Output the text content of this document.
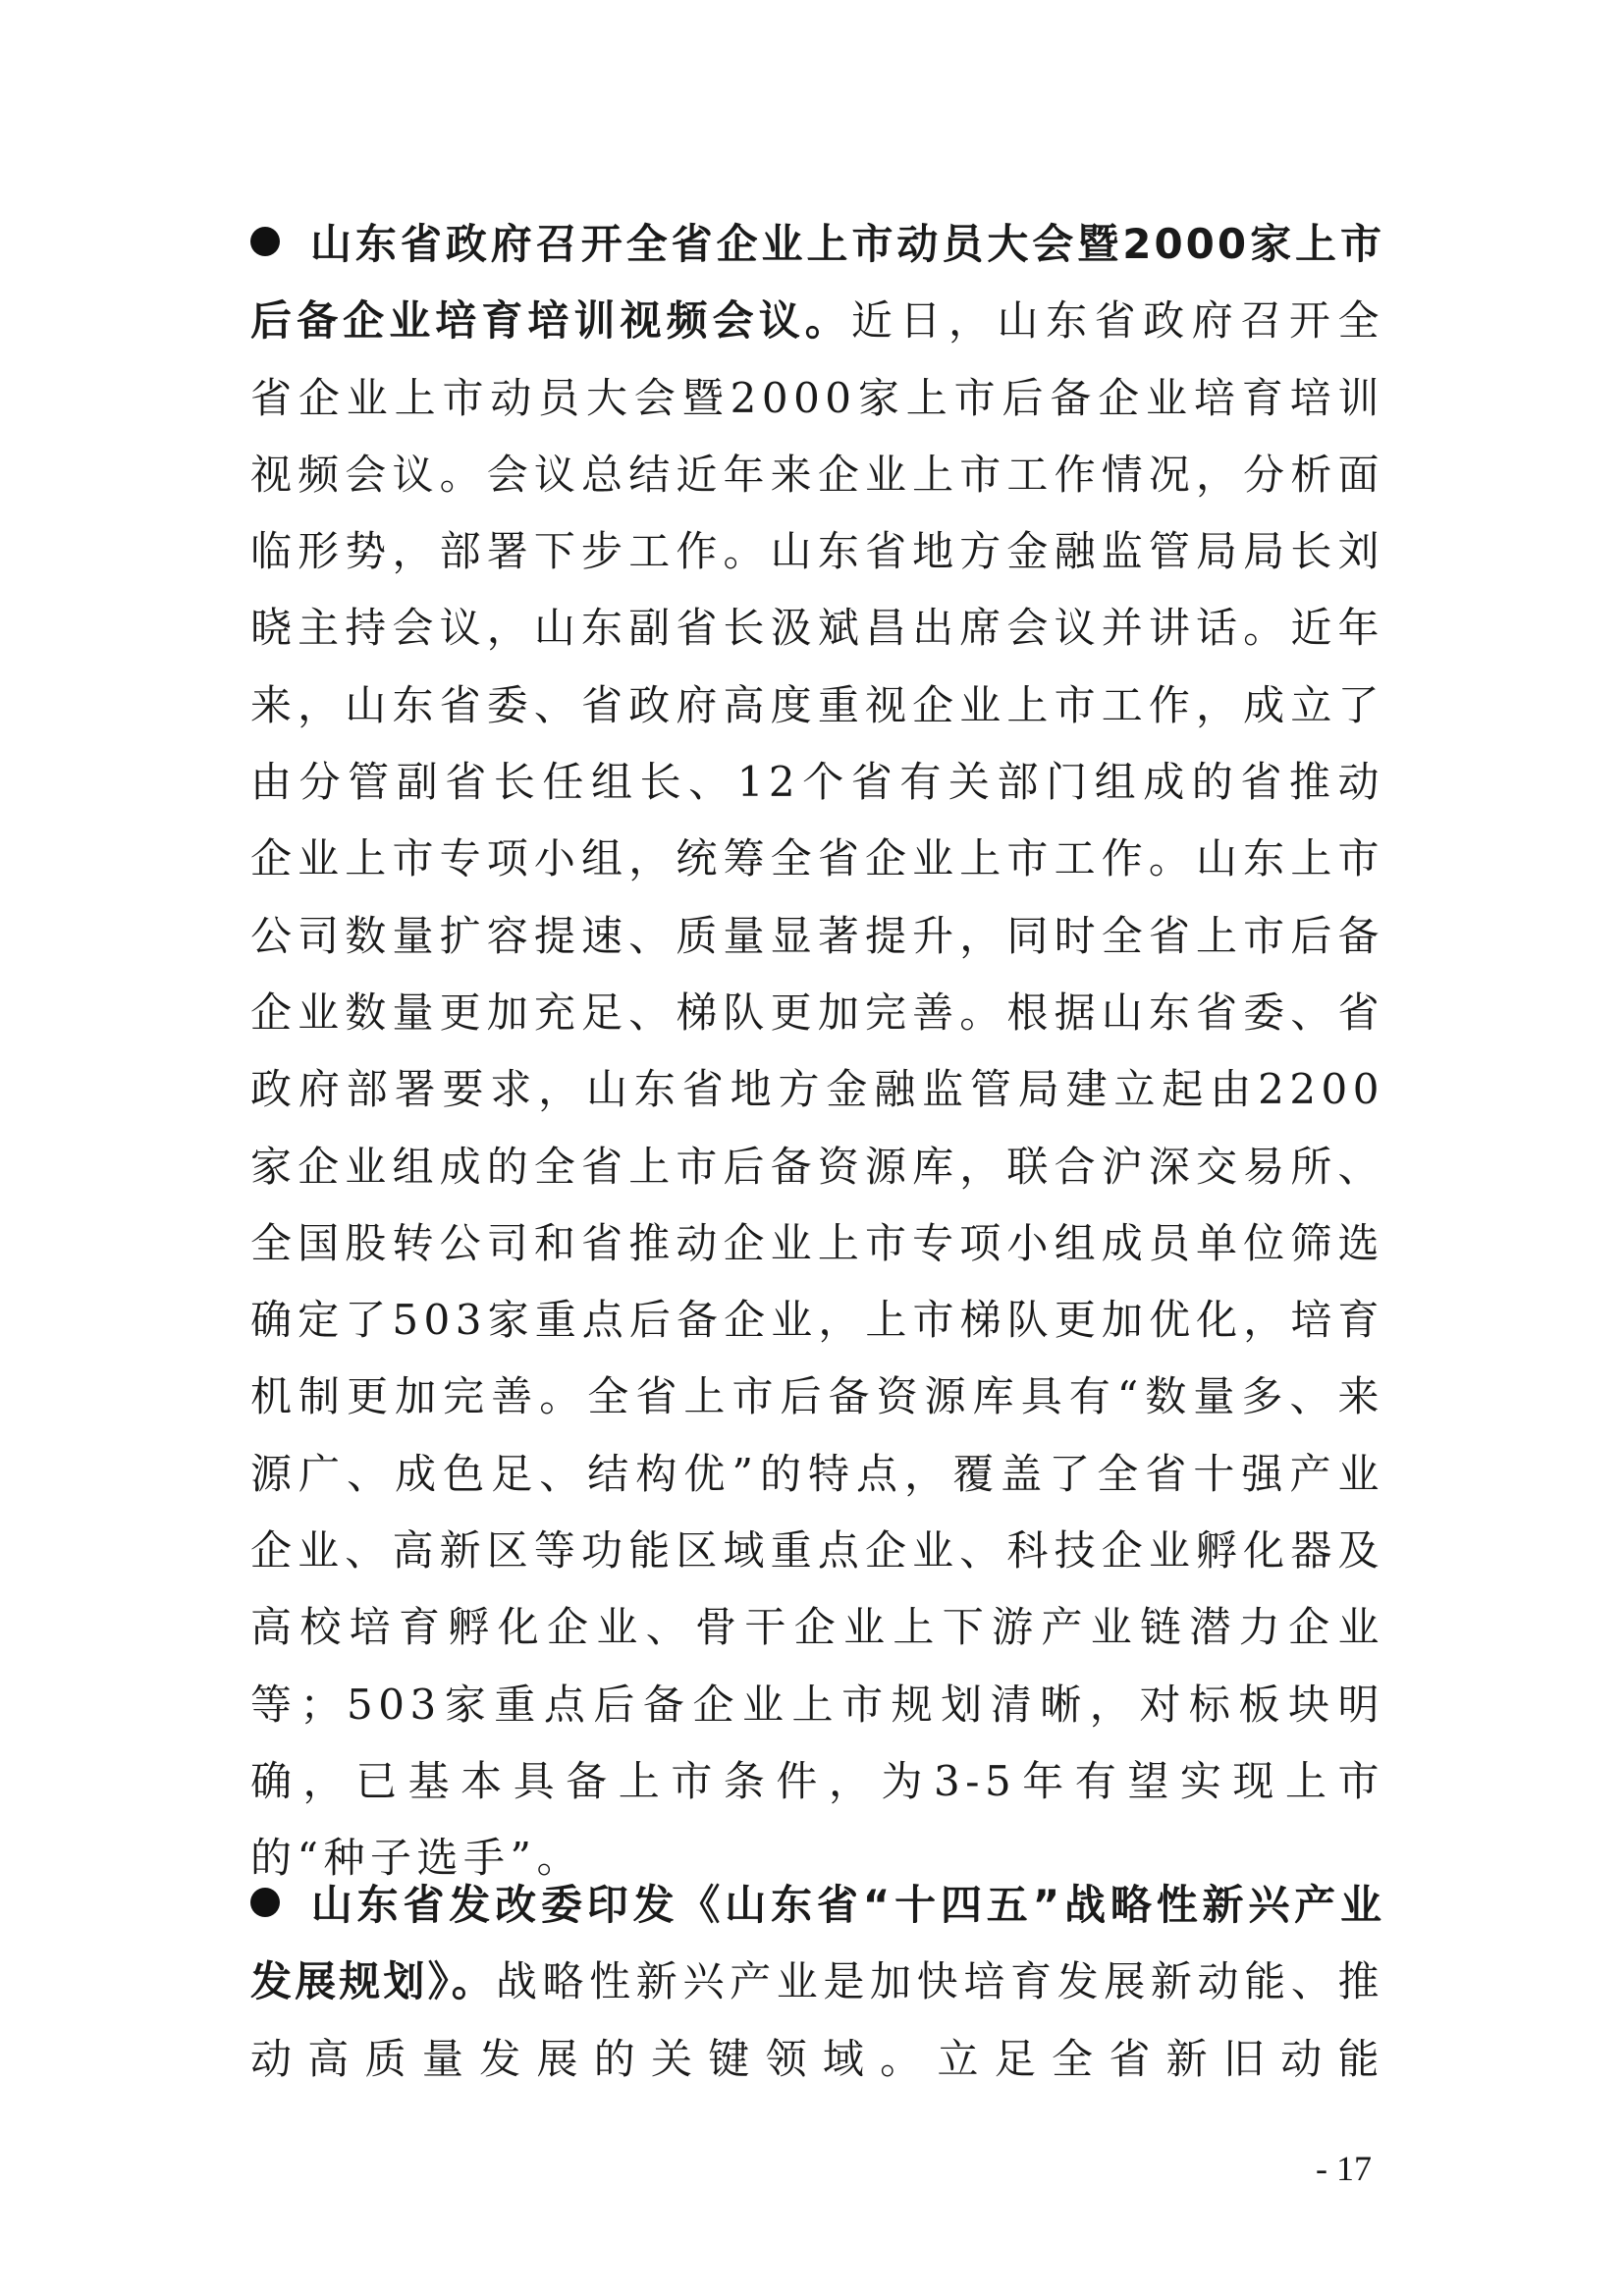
山东省政府召开全省企业上市动员大会暨2000家上市后备企业培育培训视频会议。近日，山东省政府召开全省企业上市动员大会暨2000家上市后备企业培育培训视频会议。会议总结近年来企业上市工作情况，分析面临形势，部署下步工作。山东省地方金融监管局局长刘晓主持会议，山东副省长汲斌昌出席会议并讲话。近年来，山东省委、省政府高度重视企业上市工作，成立了由分管副省长任组长、12个省有关部门组成的省推动企业上市专项小组，统筹全省企业上市工作。山东上市公司数量扩容提速、质量显著提升，同时全省上市后备企业数量更加充足、梯队更加完善。根据山东省委、省政府部署要求，山东省地方金融监管局建立起由2200家企业组成的全省上市后备资源库，联合沪深交易所、全国股转公司和省推动企业上市专项小组成员单位筛选确定了503家重点后备企业，上市梯队更加优化，培育机制更加完善。全省上市后备资源库具有“数量多、来源广、成色足、结构优”的特点，覆盖了全省十强产业企业、高新区等功能区域重点企业、科技企业孵化器及高校培育孵化企业、骨干企业上下游产业链潜力企业等；503家重点后备企业上市规划清晰，对标板块明确，已基本具备上市条件，为3-5年有望实现上市的“种子选手”。

山东省发改委印发《山东省“十四五”战略性新兴产业发展规划》。战略性新兴产业是加快培育发展新动能、推动高质量发展的关键领域。立足全省新旧动能

- 17
